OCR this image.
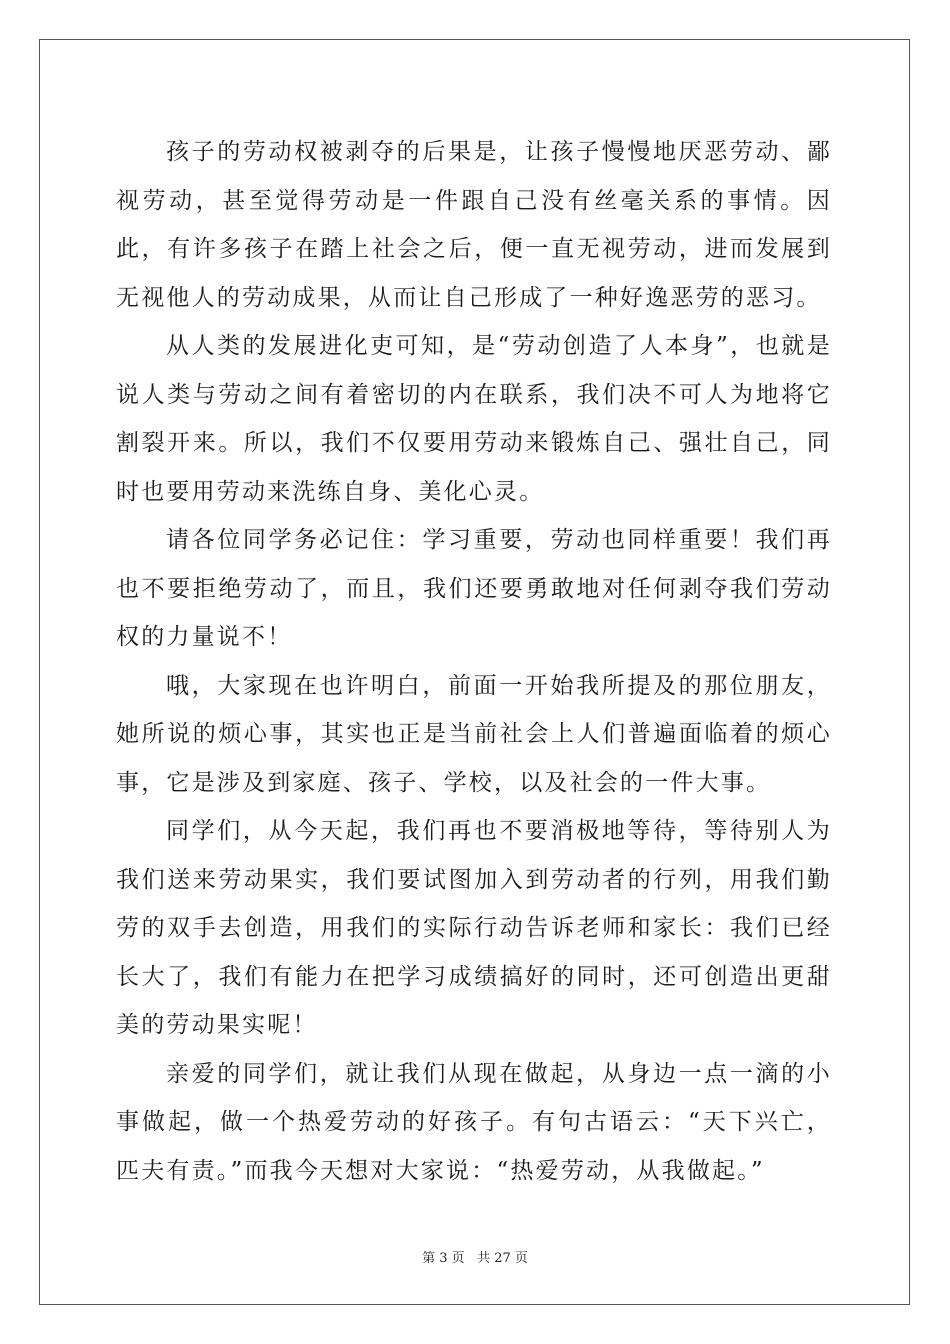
孩子的劳动权被剥夺的后果是，让孩子慢慢地厌恶劳动、鄙视劳动，甚至觉得劳动是一件跟自己没有丝毫关系的事情。因此，有许多孩子在踏上社会之后，便一直无视劳动，进而发展到无视他人的劳动成果，从而让自己形成了一种好逸恶劳的恶习。

从人类的发展进化吏可知，是“劳动创造了人本身”，也就是说人类与劳动之间有着密切的内在联系，我们决不可人为地将它割裂开来。所以，我们不仅要用劳动来锻炼自己、强壮自己，同时也要用劳动来洗练自身、美化心灵。

请各位同学务必记住：学习重要，劳动也同样重要！我们再也不要拒绝劳动了，而且，我们还要勇敢地对任何剥夺我们劳动权的力量说不！

哦，大家现在也许明白，前面一开始我所提及的那位朋友，她所说的烦心事，其实也正是当前社会上人们普遍面临着的烦心事，它是涉及到家庭、孩子、学校，以及社会的一件大事。

同学们，从今天起，我们再也不要消极地等待，等待别人为我们送来劳动果实，我们要试图加入到劳动者的行列，用我们勤劳的双手去创造，用我们的实际行动告诉老师和家长：我们已经长大了，我们有能力在把学习成绩搞好的同时，还可创造出更甜美的劳动果实呢！

亲爱的同学们，就让我们从现在做起，从身边一点一滴的小事做起，做一个热爱劳动的好孩子。有句古语云：“天下兴亡，匹夫有责。”而我今天想对大家说：“热爱劳动，从我做起。”

第 3 页 共 27 页
